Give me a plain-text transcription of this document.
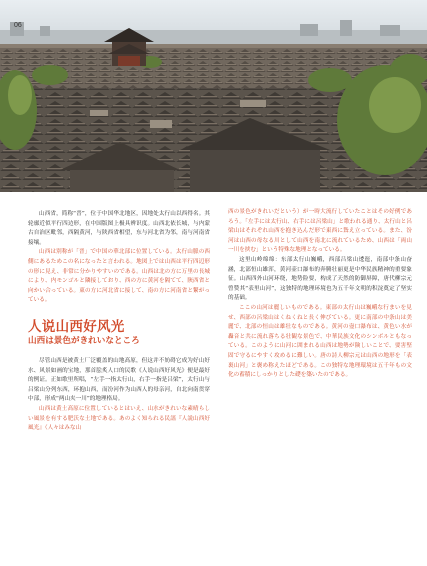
06

山西省，简称“晋”，位于中国华北地区，因地处太行山以西得名。其轮廓近似平行四边形，在中国版图上极具辨识度。山西北依长城，与内蒙古自治区毗邻，西隔黄河，与陕西省相望，东与河北省为邻，南与河南省接壤。

山西は別称が「晋」で中国の華北部に位置している。太行山脈の西側にあるためこの名になったと言われる。地図上では山西は平行四辺形の形に見え、非常に分かりやすいのである。山西は北の方に万里の長城により、内モンゴルと隣接しており、西の方に黄河を隔てて、陝西省と向かい合っている。東の方に河北省に接して、南の方に河南省と繋がっている。

人说山西好风光
山西は景色がきれいなところ

尽管山西是被黄土厂泛覆盖的山地高原，但这并不妨碍它成为好山好水、风景如画的宝地，那首脍炙人口的民歌《人说山西好风光》便是最好的例证。正如歌里所唱，“左手一指太行山，右手一指是吕梁”，太行山与吕梁山分列东西，环抱山西，而汾河作为山西人的母亲河，自北向南贯穿中部，形成“两山夹一川”的地理格局。

山西は黄土高原に位置しているとはいえ、山水がきれいな素晴らしい風景を有する肥沃な土地である。あのよく知られる民謡『人説山西好風光』（人々はみな山

西の景色がきれいだという）が一時大流行していたことはその好例であろう。「左手には太行山、右手には呂梁山」と歌われる通り、太行山と呂梁山はそれぞれ山西を抱き込んだ形で東西に聳え立っている。また、汾河は山西の母なる川として山西を南北に流れているため、山西は「両山一川を挟む」という特殊な地理となっている。

这里山岭绵绵：东部太行山巍峨，西部吕梁山逶迤，南部中条山奋涵，北部恒山雄浑，黄河壶口瀑布的奔腾壮丽更是中华民族精神的重要象征。山西四外山河环绕，地势险要，构成了天然的防御屏障，唐代柳宗元曾赞其“表里山河”，这独特的地理环境也为五千年文明的积淀奠定了坚实的基础。

ここの山河は麗しいものである。東部の太行山は巍峨な行まいを見せ、西部の呂梁山はくねくねと長く伸びている。更に南部の中条山は美麗で、北部の恒山は雄壮なものである。黄河の壺口瀑布は、黄色い水が轟音と共に流れ落ちる壮観な景色で、中華民族文化のシンボルともなっている。このように山河に囲まれる山西は地勢が険しいことで、要害堅固で守るにやすく攻めるに難しい。唐の詩人柳宗元は山西の地形を「表裏山河」と褒め称えたほどである。この独特な地理環境は五千年もの文化の蓄積にしっかりとした礎を築いたのである。
